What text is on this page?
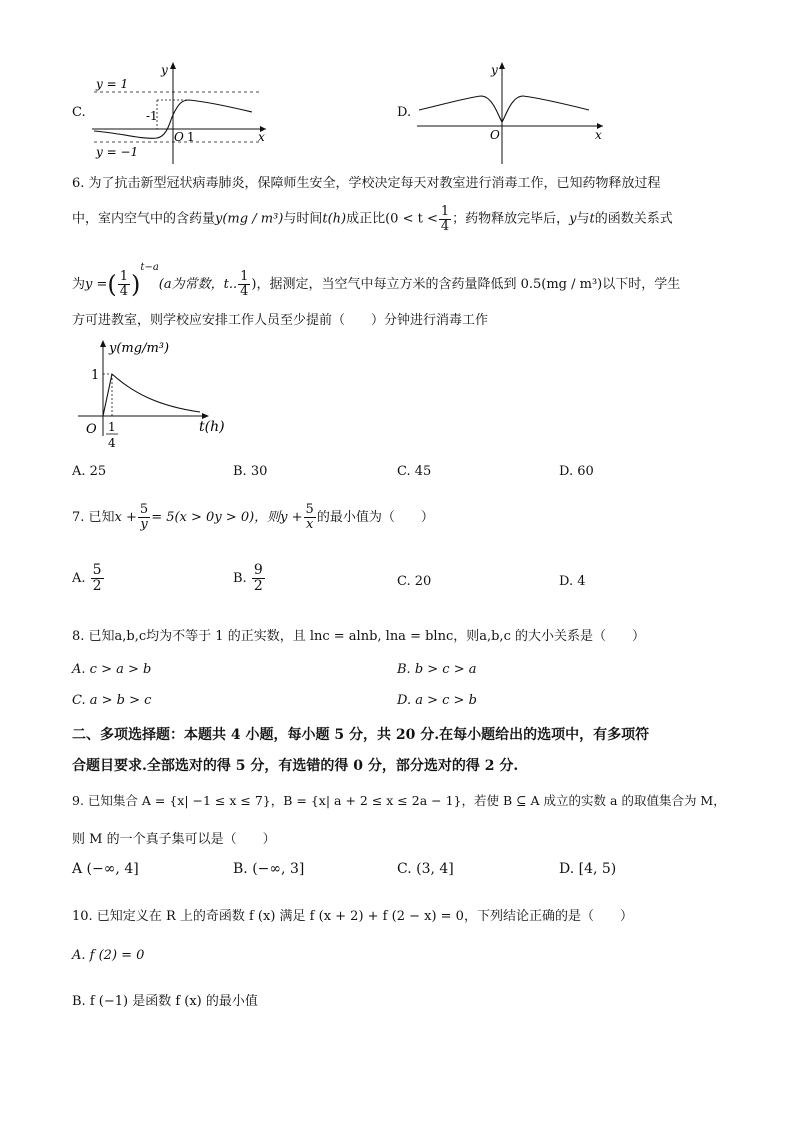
C.
y = 1
y = −1
-1
O 1	x
y
D.
O	x
y
6. 为了抗击新型冠状病毒肺炎，保障师生安全，学校决定每天对教室进行消毒工作，已知药物释放过程
中，室内空气中的含药量y(mg / m³)与时间t(h)成正比($0 < t < \frac{1}{4}$ ；药物释放完毕后，y与t的函数关系式
为y =( $\frac{1}{4} )^{t-a}(a$为常数，t.. $\frac{1}{4}$ )，据测定，当空气中每立方米的含药量降低到 0.5(mg / m³)以下时，学生
方可进教室，则学校应安排工作人员至少提前（　　）分钟进行消毒工作
y(mg/m³)
1
O	t(h)
1
4
A. 25	B. 30	C. 45	D. 60
7. 已知$x + \frac{5}{y} = 5(x > 0y > 0)$，则$y + \frac{5}{x}$ 的最小值为（　　）
A. $\frac{5}{2}$	B. $\frac{9}{2}$	C. 20	D. 4
8. 已知a,b,c均为不等于 1 的正实数，且 lnc = alnb, lna = blnc，则a,b,c 的大小关系是（　　）
A. c > a > b	B. b > c > a
C. a > b > c	D. a > c > b
二、多项选择题：本题共 4 小题，每小题 5 分，共 20 分.在每小题给出的选项中，有多项符
合题目要求.全部选对的得 5 分，有选错的得 0 分，部分选对的得 2 分.
9. 已知集合 A = {x| −1 ≤ x ≤ 7}，B = {x| a + 2 ≤ x ≤ 2a − 1}，若使 B ⊆ A 成立的实数 a 的取值集合为 M，
则 M 的一个真子集可以是（　　）
A (−∞, 4]	B. (−∞, 3]	C. (3, 4]	D. [4, 5)
10. 已知定义在 R 上的奇函数 f (x) 满足 f (x + 2) + f (2 − x) = 0，下列结论正确的是（　　）
A. f (2) = 0
B. f (−1) 是函数 f (x) 的最小值
